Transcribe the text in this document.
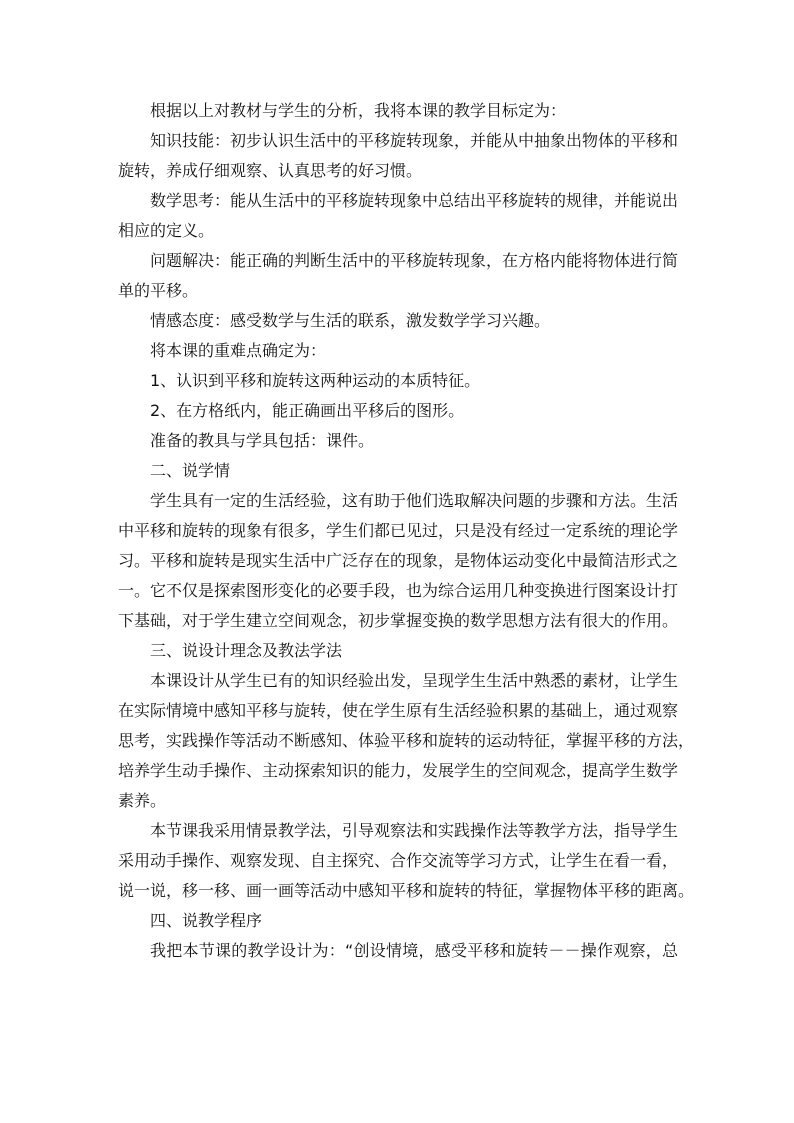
根据以上对教材与学生的分析，我将本课的教学目标定为：
知识技能：初步认识生活中的平移旋转现象，并能从中抽象出物体的平移和
旋转，养成仔细观察、认真思考的好习惯。
数学思考：能从生活中的平移旋转现象中总结出平移旋转的规律，并能说出
相应的定义。
问题解决：能正确的判断生活中的平移旋转现象，在方格内能将物体进行简
单的平移。
情感态度：感受数学与生活的联系，激发数学学习兴趣。
将本课的重难点确定为：
1、认识到平移和旋转这两种运动的本质特征。
2、在方格纸内，能正确画出平移后的图形。
准备的教具与学具包括：课件。
二、说学情
学生具有一定的生活经验，这有助于他们选取解决问题的步骤和方法。生活
中平移和旋转的现象有很多，学生们都已见过，只是没有经过一定系统的理论学
习。平移和旋转是现实生活中广泛存在的现象，是物体运动变化中最简洁形式之
一。它不仅是探索图形变化的必要手段，也为综合运用几种变换进行图案设计打
下基础，对于学生建立空间观念，初步掌握变换的数学思想方法有很大的作用。
三、说设计理念及教法学法
本课设计从学生已有的知识经验出发，呈现学生生活中熟悉的素材，让学生
在实际情境中感知平移与旋转，使在学生原有生活经验积累的基础上，通过观察
思考，实践操作等活动不断感知、体验平移和旋转的运动特征，掌握平移的方法，
培养学生动手操作、主动探索知识的能力，发展学生的空间观念，提高学生数学
素养。
本节课我采用情景教学法，引导观察法和实践操作法等教学方法，指导学生
采用动手操作、观察发现、自主探究、合作交流等学习方式，让学生在看一看，
说一说，移一移、画一画等活动中感知平移和旋转的特征，掌握物体平移的距离。
四、说教学程序
我把本节课的教学设计为：“创设情境，感受平移和旋转－－操作观察，总
